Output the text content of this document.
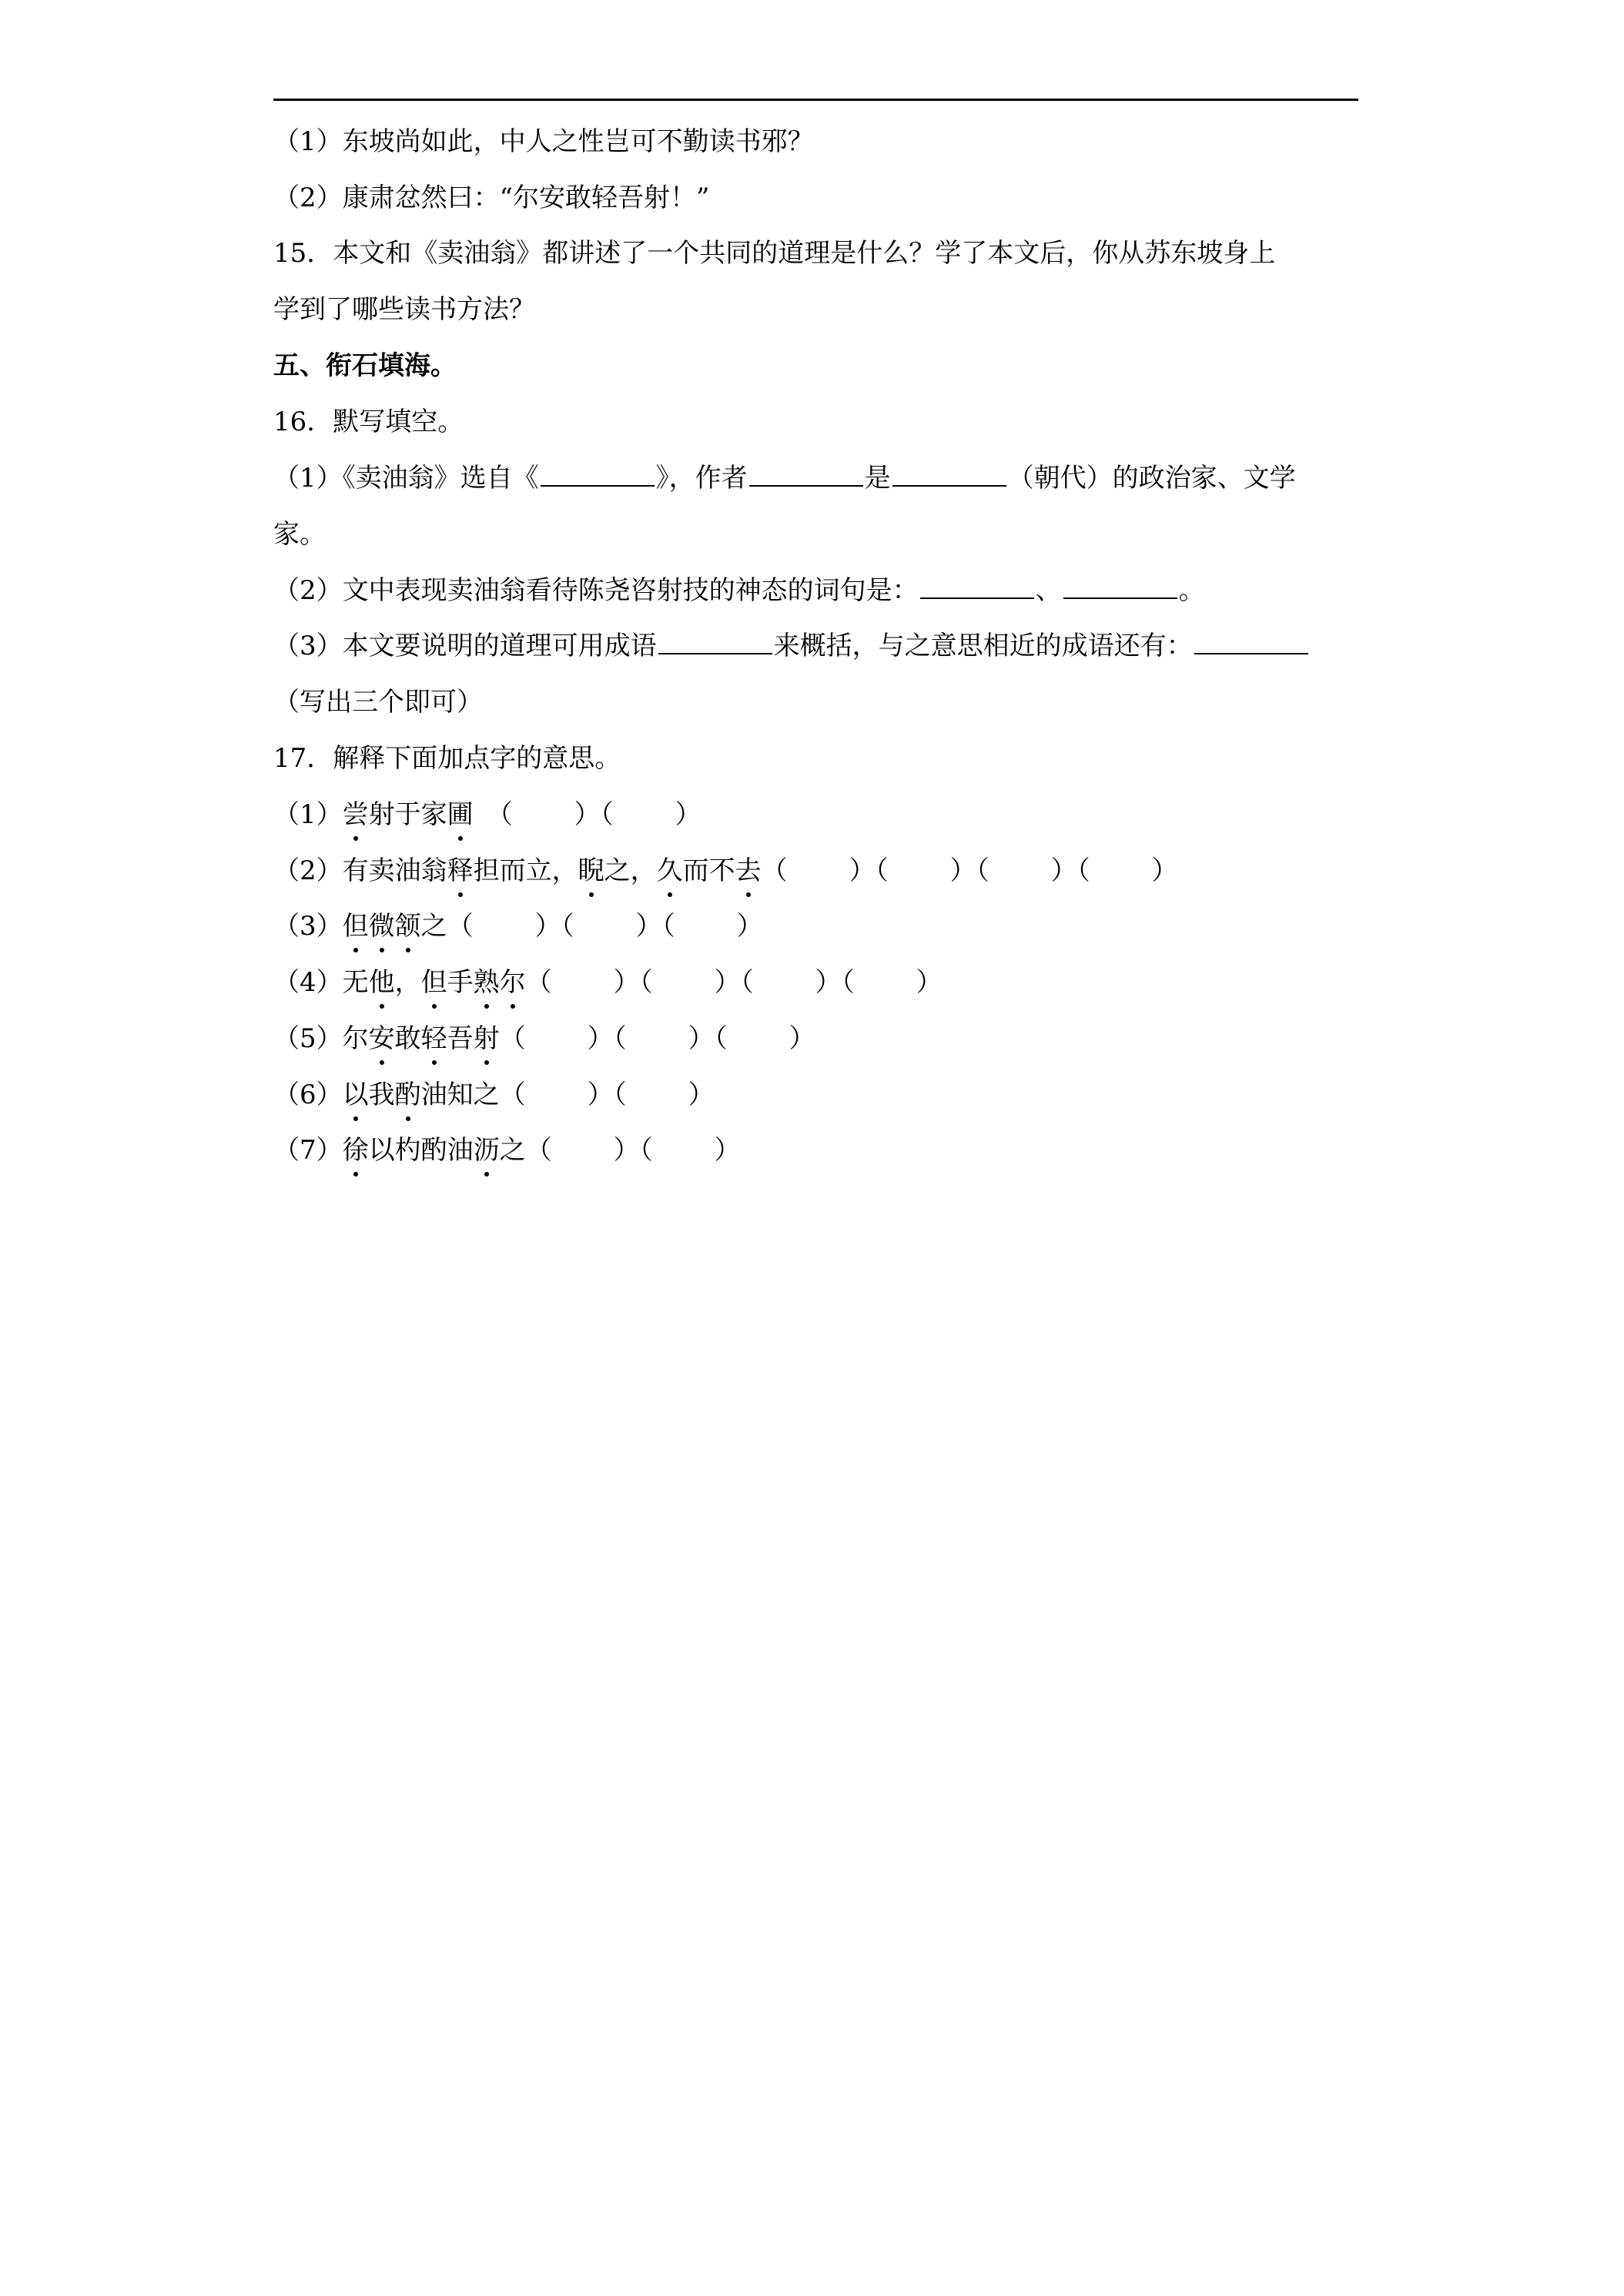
（1）东坡尚如此，中人之性岂可不勤读书邪？
（2）康肃忿然曰：“尔安敢轻吾射！”
15．本文和《卖油翁》都讲述了一个共同的道理是什么？学了本文后，你从苏东坡身上
学到了哪些读书方法？
五、衔石填海。
16．默写填空。
（1）《卖油翁》选自《	》，作者	是	（朝代）的政治家、文学
家。
（2）文中表现卖油翁看待陈尧咨射技的神态的词句是：	、	。
（3）本文要说明的道理可用成语	来概括，与之意思相近的成语还有：
（写出三个即可）
17．解释下面加点字的意思。
（1）尝射于家圃　 （ ）（ ）
（2）有卖油翁释担而立，睨之，久而不去（ ）（ ）（ ）（ ）
（3）但微颔之（ ）（ ）（ ）
（4）无他，但手熟尔（ ）（ ）（ ）（ ）
（5）尔安敢轻吾射（ ）（ ）（ ）
（6）以我酌油知之（ ）（ ）
（7）徐以杓酌油沥之（ ）（ ）
